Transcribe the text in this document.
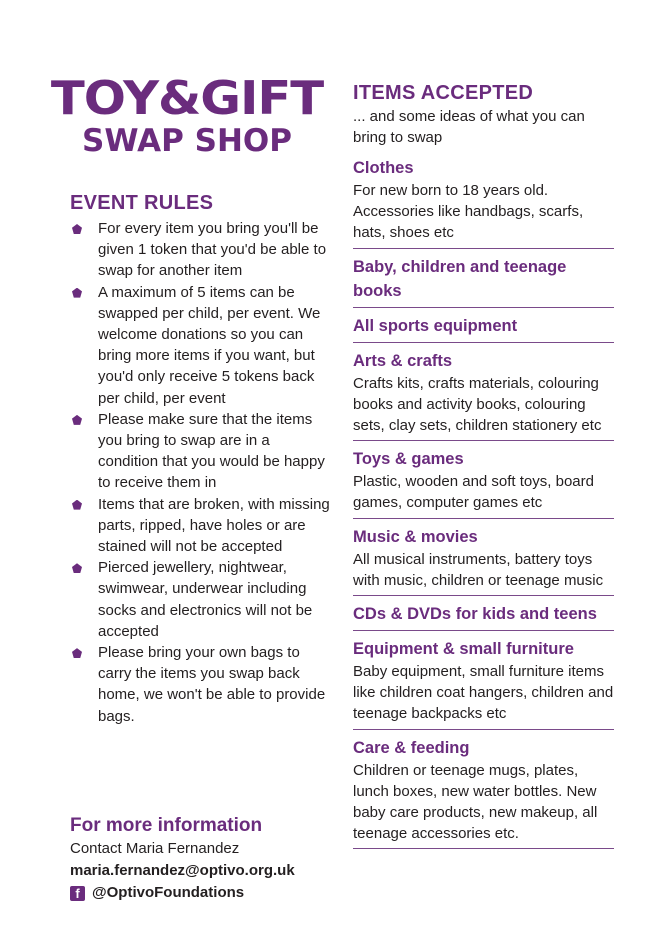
TOY&GIFT
SWAP SHOP
EVENT RULES
For every item you bring you'll be given 1 token that you'd be able to swap for another item
A maximum of 5 items can be swapped per child, per event. We welcome donations so you can bring more items if you want, but you'd only receive 5 tokens back per child, per event
Please make sure that the items you bring to swap are in a condition that you would be happy to receive them in
Items that are broken, with missing parts, ripped, have holes or are stained will not be accepted
Pierced jewellery, nightwear, swimwear, underwear including socks and electronics will not be accepted
Please bring your own bags to carry the items you swap back home, we won't be able to provide bags.
For more information
Contact Maria Fernandez
maria.fernandez@optivo.org.uk
f @OptivoFoundations
ITEMS ACCEPTED
... and some ideas of what you can bring to swap
Clothes
For new born to 18 years old. Accessories like handbags, scarfs, hats, shoes etc
Baby, children and teenage books
All sports equipment
Arts & crafts
Crafts kits, crafts materials, colouring books and activity books, colouring sets, clay sets, children stationery etc
Toys & games
Plastic, wooden and soft toys, board games, computer games etc
Music & movies
All musical instruments, battery toys with music, children or teenage music
CDs & DVDs for kids and teens
Equipment & small furniture
Baby equipment, small furniture items like children coat hangers, children and teenage backpacks etc
Care & feeding
Children or teenage mugs, plates, lunch boxes, new water bottles. New baby care products, new makeup, all teenage accessories etc.
